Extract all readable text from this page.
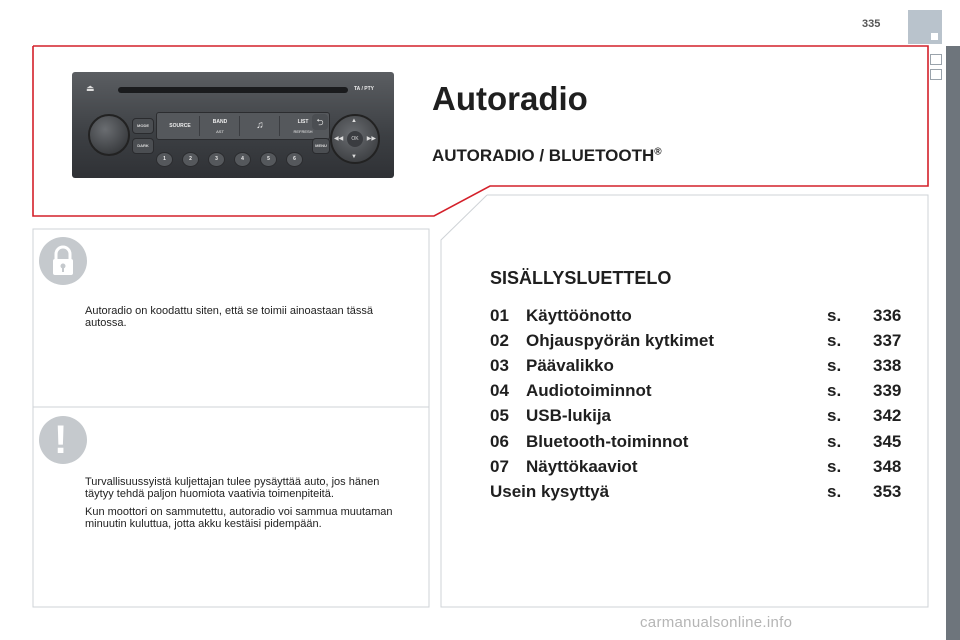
335
⏏	TA / PTY
MODE
DARK
SOURCE
BAND
AST
♫	LIST
REFRESH
⮌	▲
▼
◀◀	▶▶
OK
MENU
1	2	3	4	5	6
Autoradio
AUTORADIO / BLUETOOTH®
Autoradio on koodattu siten, että se toimii ainoastaan tässä autossa.
!

Turvallisuussyistä kuljettajan tulee pysäyttää auto, jos hänen täytyy tehdä paljon huomiota vaativia toimenpiteitä.

Kun moottori on sammutettu, autoradio voi sammua muutaman minuutin kuluttua, jotta akku kestäisi pidempään.

SISÄLLYSLUETTELO
01 Käyttöönotto	s. 336
02 Ohjauspyörän kytkimet	s. 337
03 Päävalikko	s. 338
04 Audiotoiminnot	s. 339
05 USB-lukija	s. 342
06 Bluetooth-toiminnot	s. 345
07 Näyttökaaviot	s. 348
Usein kysyttyä	s. 353
carmanualsonline.info
